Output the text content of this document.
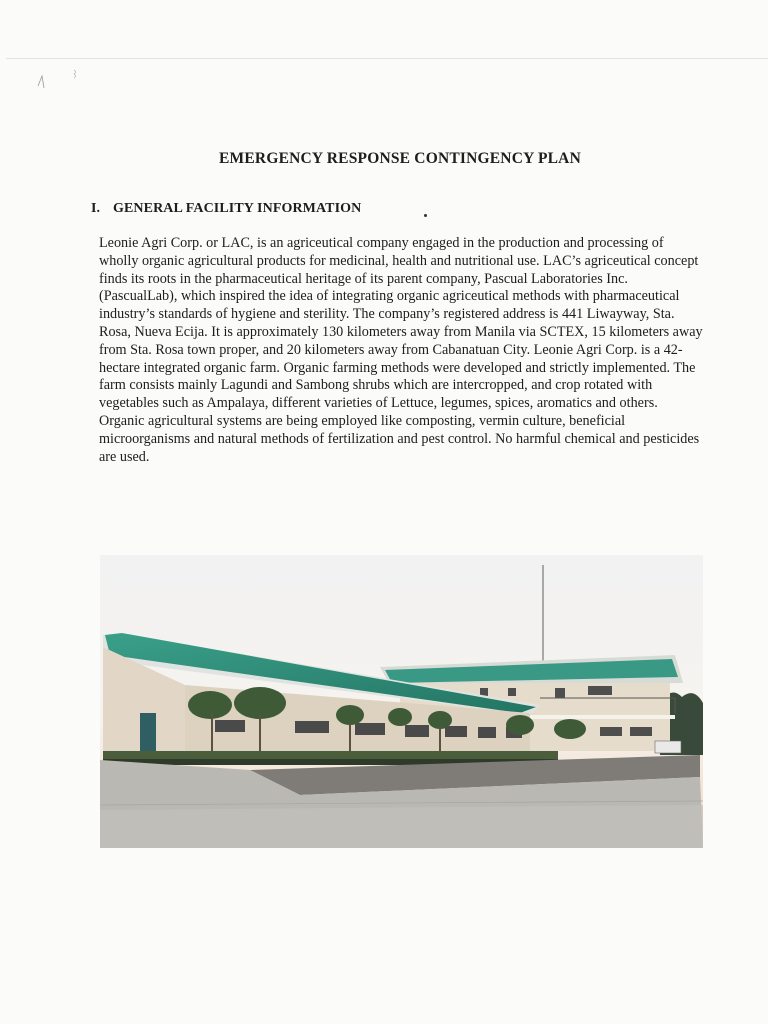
EMERGENCY RESPONSE CONTINGENCY PLAN
I. GENERAL FACILITY INFORMATION

Leonie Agri Corp. or LAC, is an agriceutical company engaged in the production and processing of wholly organic agricultural products for medicinal, health and nutritional use. LAC’s agriceutical concept finds its roots in the pharmaceutical heritage of its parent company, Pascual Laboratories Inc. (PascualLab), which inspired the idea of integrating organic agriceutical methods with pharmaceutical industry’s standards of hygiene and sterility. The company’s registered address is 441 Liwayway, Sta. Rosa, Nueva Ecija. It is approximately 130 kilometers away from Manila via SCTEX, 15 kilometers away from Sta. Rosa town proper, and 20 kilometers away from Cabanatuan City. Leonie Agri Corp. is a 42-hectare integrated organic farm. Organic farming methods were developed and strictly implemented. The farm consists mainly Lagundi and Sambong shrubs which are intercropped, and crop rotated with vegetables such as Ampalaya, different varieties of Lettuce, legumes, spices, aromatics and others. Organic agricultural systems are being employed like composting, vermin culture, beneficial microorganisms and natural methods of fertilization and pest control. No harmful chemical and pesticides are used.
